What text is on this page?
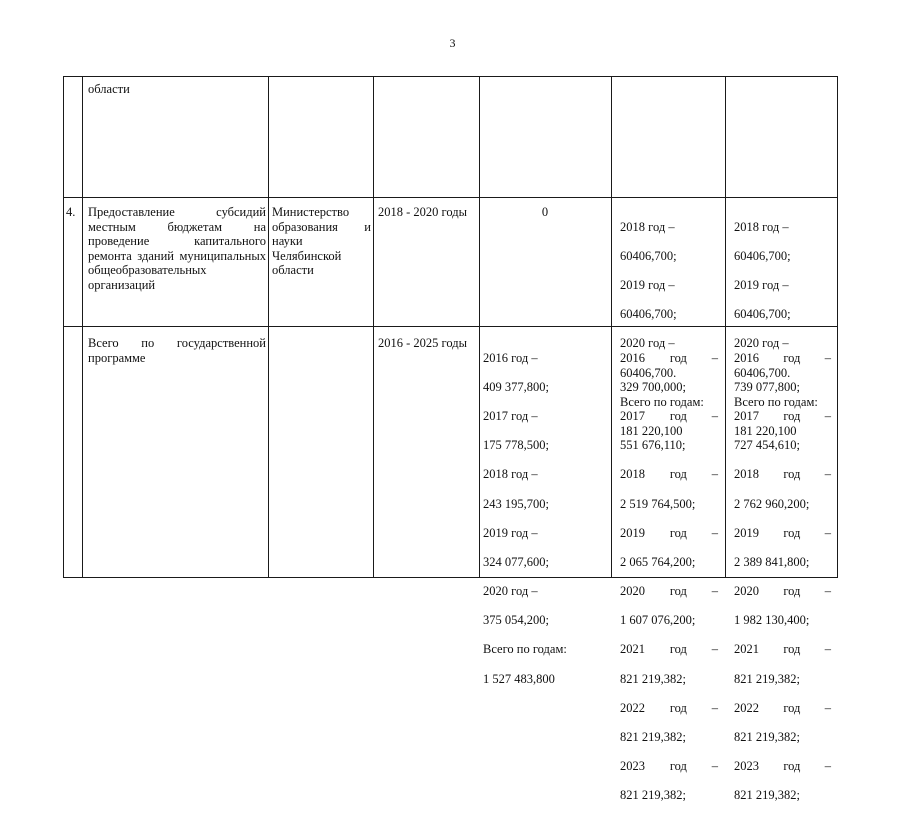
3
области
4. Предоставление субсидий местным бюджетам на проведение капитального ремонта зданий муниципальных общеобразовательных организаций
Министерство образования и науки Челябинской области
2018 - 2020 годы	0

2018 год –

60406,700;

2019 год –

60406,700;

2020 год –

60406,700.

Всего по годам:

181 220,100

2018 год –

60406,700;

2019 год –

60406,700;

2020 год –

60406,700.

Всего по годам:

181 220,100

Всего по государственной программе
2016 - 2025 годы

2016 год –

409 377,800;

2017 год –

175 778,500;

2018 год –

243 195,700;

2019 год –

324 077,600;

2020 год –

375 054,200;

Всего по годам:

1 527 483,800

2016 год –

329 700,000;

2017 год –

551 676,110;

2018 год –

2 519 764,500;

2019 год –

2 065 764,200;

2020 год –

1 607 076,200;

2021 год –

821 219,382;

2022 год –

821 219,382;

2023 год –

821 219,382;

2016 год –

739 077,800;

2017 год –

727 454,610;

2018 год –

2 762 960,200;

2019 год –

2 389 841,800;

2020 год –

1 982 130,400;

2021 год –

821 219,382;

2022 год –

821 219,382;

2023 год –

821 219,382;
